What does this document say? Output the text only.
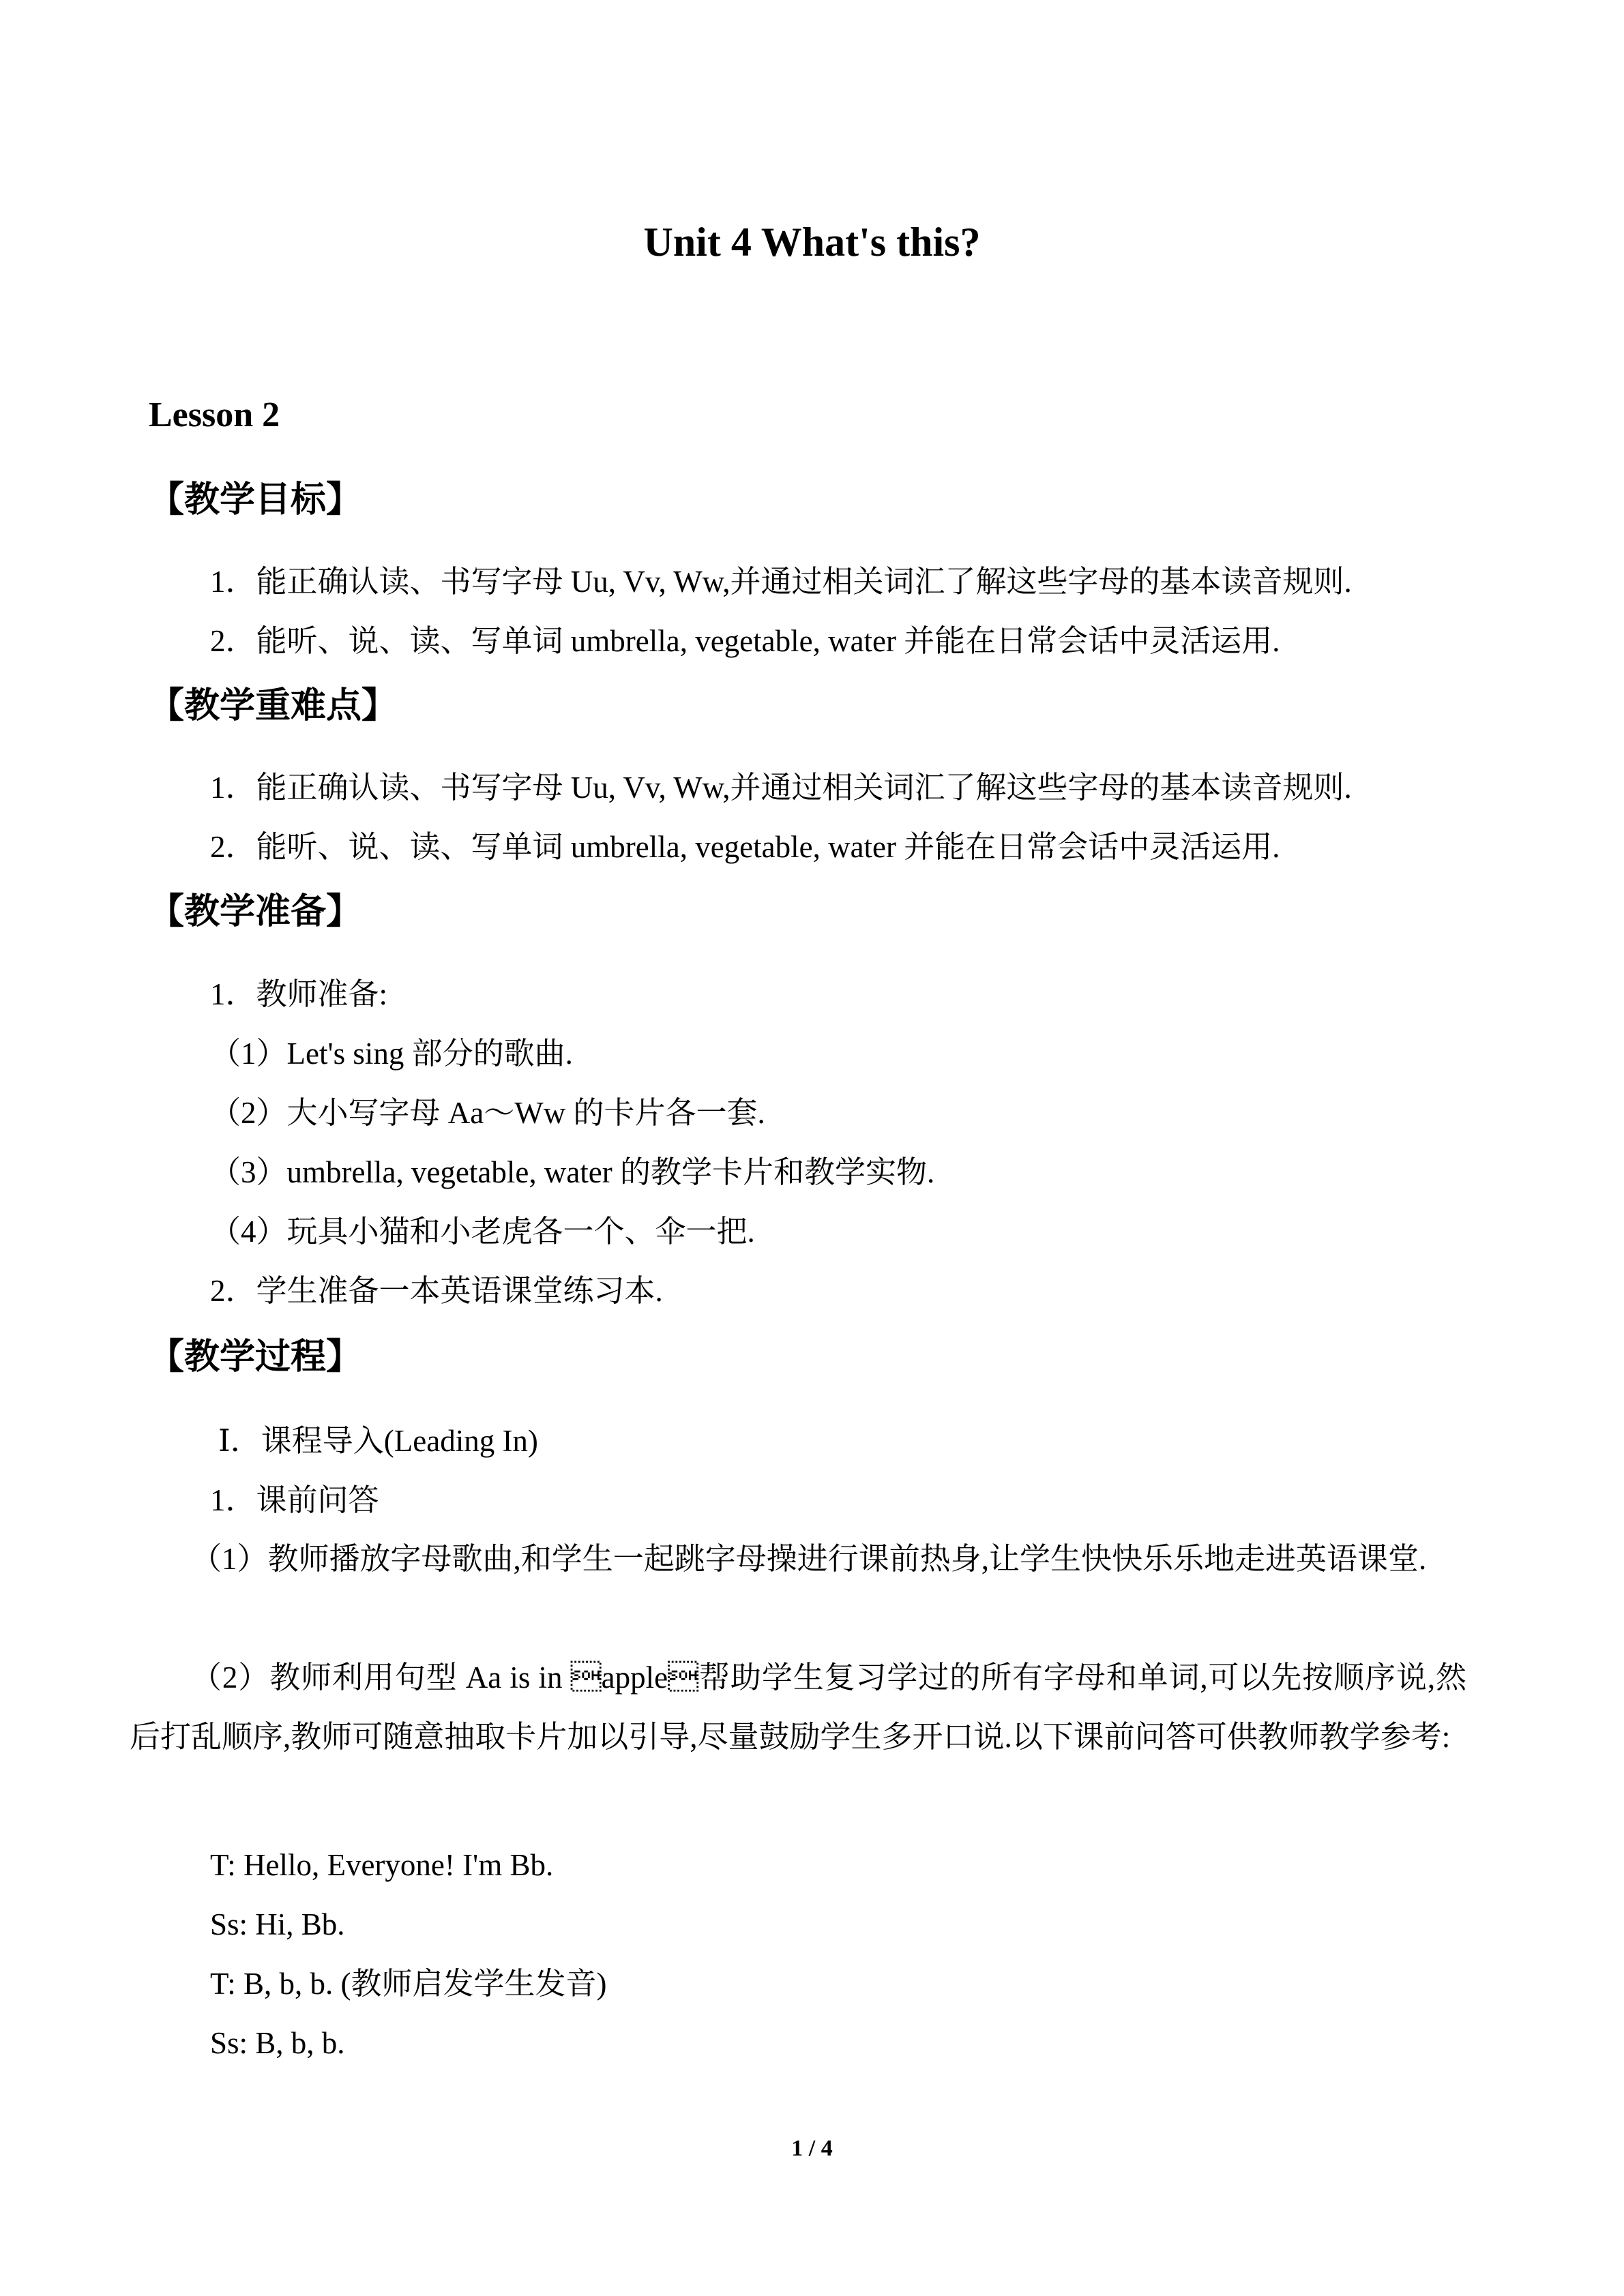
Unit 4 What's this?
Lesson 2
【教学目标】
1．能正确认读、书写字母 Uu, Vv, Ww,并通过相关词汇了解这些字母的基本读音规则.
2．能听、说、读、写单词 umbrella, vegetable, water 并能在日常会话中灵活运用.
【教学重难点】
1．能正确认读、书写字母 Uu, Vv, Ww,并通过相关词汇了解这些字母的基本读音规则.
2．能听、说、读、写单词 umbrella, vegetable, water 并能在日常会话中灵活运用.
【教学准备】
1．教师准备:
（1）Let's sing 部分的歌曲.
（2）大小写字母 Aa～Ww 的卡片各一套.
（3）umbrella, vegetable, water 的教学卡片和教学实物.
（4）玩具小猫和小老虎各一个、伞一把.
2．学生准备一本英语课堂练习本.
【教学过程】
Ⅰ．课程导入(Leading In)
1．课前问答
（1）教师播放字母歌曲,和学生一起跳字母操进行课前热身,让学生快快乐乐地走进英语课堂.
（2）教师利用句型 Aa is in apple帮助学生复习学过的所有字母和单词,可以先按顺序说,然后打乱顺序,教师可随意抽取卡片加以引导,尽量鼓励学生多开口说.以下课前问答可供教师教学参考:
T: Hello, Everyone! I'm Bb.
Ss: Hi, Bb.
T: B, b, b. (教师启发学生发音)
Ss: B, b, b.
1 / 4
